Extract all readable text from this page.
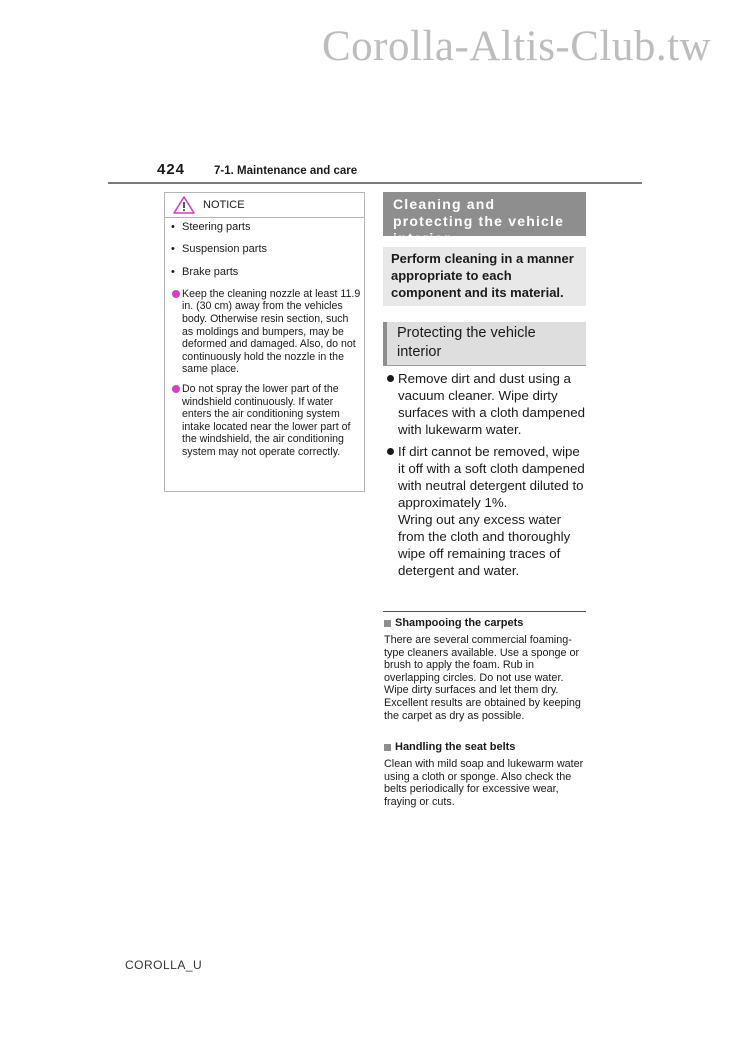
Corolla-Altis-Club.tw
424	7-1. Maintenance and care
NOTICE
• Steering parts
• Suspension parts
• Brake parts
Keep the cleaning nozzle at least 11.9 in. (30 cm) away from the vehicles body. Otherwise resin section, such as moldings and bumpers, may be deformed and damaged. Also, do not continuously hold the nozzle in the same place.
Do not spray the lower part of the windshield continuously. If water enters the air conditioning system intake located near the lower part of the windshield, the air conditioning system may not operate correctly.
Cleaning and protecting the vehicle interior
Perform cleaning in a manner appropriate to each component and its material.
Protecting the vehicle interior
Remove dirt and dust using a vacuum cleaner. Wipe dirty surfaces with a cloth dampened with lukewarm water.
If dirt cannot be removed, wipe it off with a soft cloth dampened with neutral detergent diluted to approximately 1%.
Wring out any excess water from the cloth and thoroughly wipe off remaining traces of detergent and water.
Shampooing the carpets
There are several commercial foaming-type cleaners available. Use a sponge or brush to apply the foam. Rub in overlapping circles. Do not use water. Wipe dirty surfaces and let them dry. Excellent results are obtained by keeping the carpet as dry as possible.
Handling the seat belts
Clean with mild soap and lukewarm water using a cloth or sponge. Also check the belts periodically for excessive wear, fraying or cuts.
COROLLA_U
